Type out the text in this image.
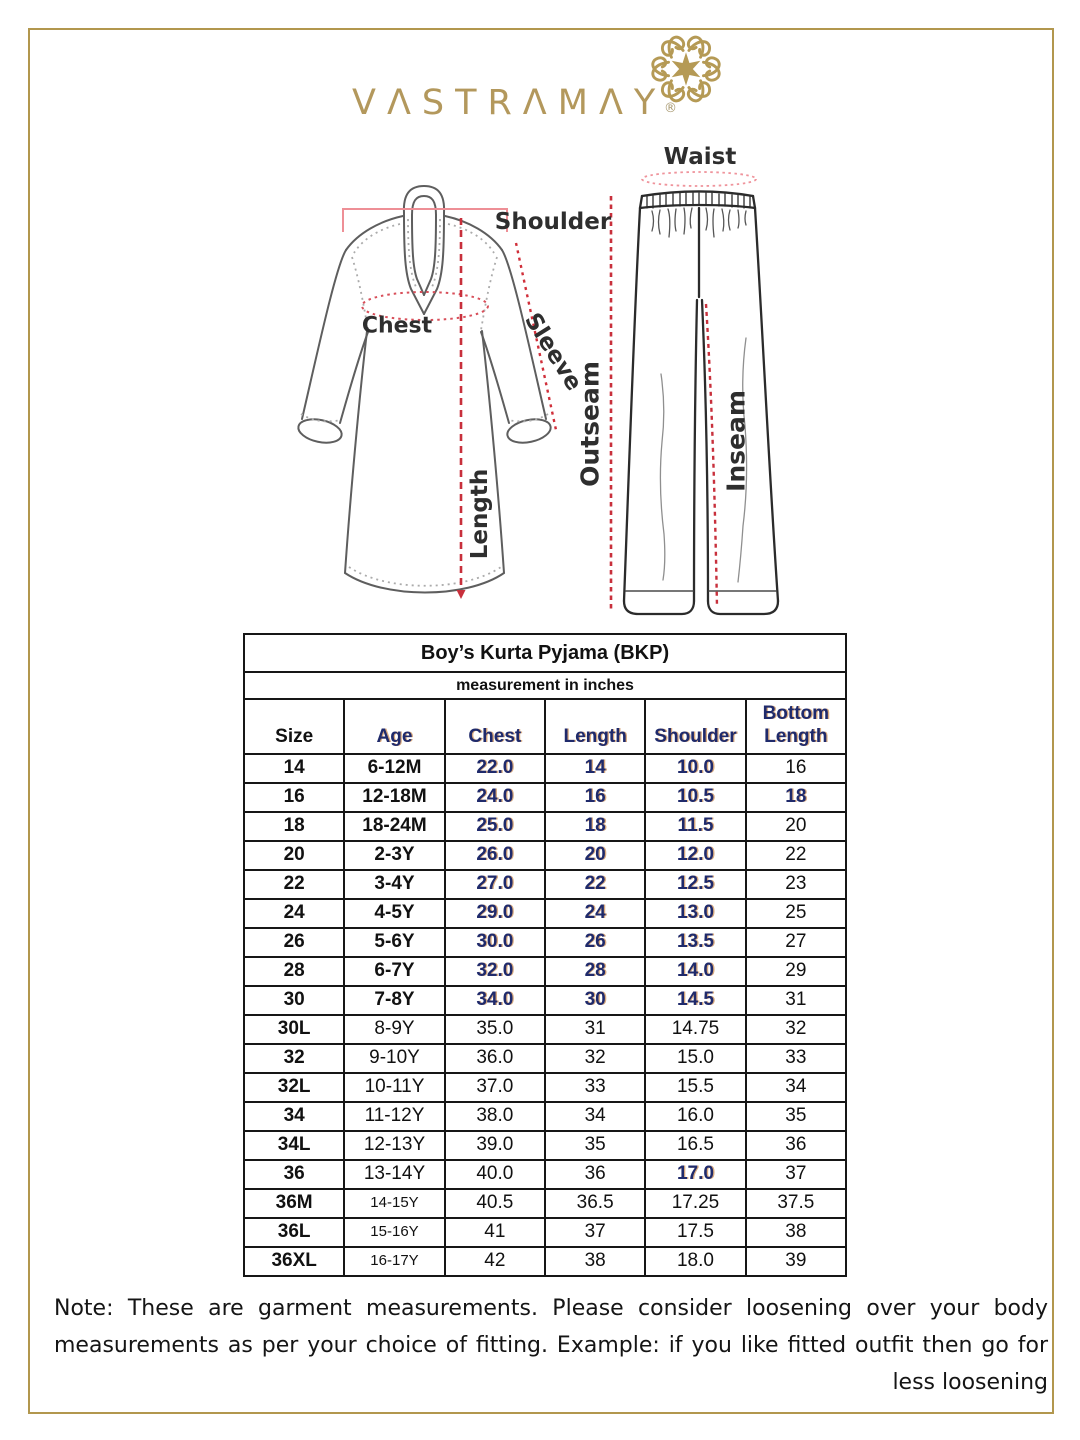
VΛSTRΛMΛY
®
Waist
Shoulder
Chest	Sleeve
Length
Outseam	Inseam
Boy’s Kurta Pyjama (BKP)					
measurement in inches					
Size	Age	Chest	Length	Shoulder	Bottom Length
14	6-12M	22.0	14	10.0	16
16	12-18M	24.0	16	10.5	18
18	18-24M	25.0	18	11.5	20
20	2-3Y	26.0	20	12.0	22
22	3-4Y	27.0	22	12.5	23
24	4-5Y	29.0	24	13.0	25
26	5-6Y	30.0	26	13.5	27
28	6-7Y	32.0	28	14.0	29
30	7-8Y	34.0	30	14.5	31
30L	8-9Y	35.0	31	14.75	32
32	9-10Y	36.0	32	15.0	33
32L	10-11Y	37.0	33	15.5	34
34	11-12Y	38.0	34	16.0	35
34L	12-13Y	39.0	35	16.5	36
36	13-14Y	40.0	36	17.0	37
36M	14-15Y	40.5	36.5	17.25	37.5
36L	15-16Y	41	37	17.5	38
36XL	16-17Y	42	38	18.0	39
Note: These are garment measurements. Please consider loosening over your body measurements as per your choice of fitting. Example: if you like fitted outfit then go for less loosening
